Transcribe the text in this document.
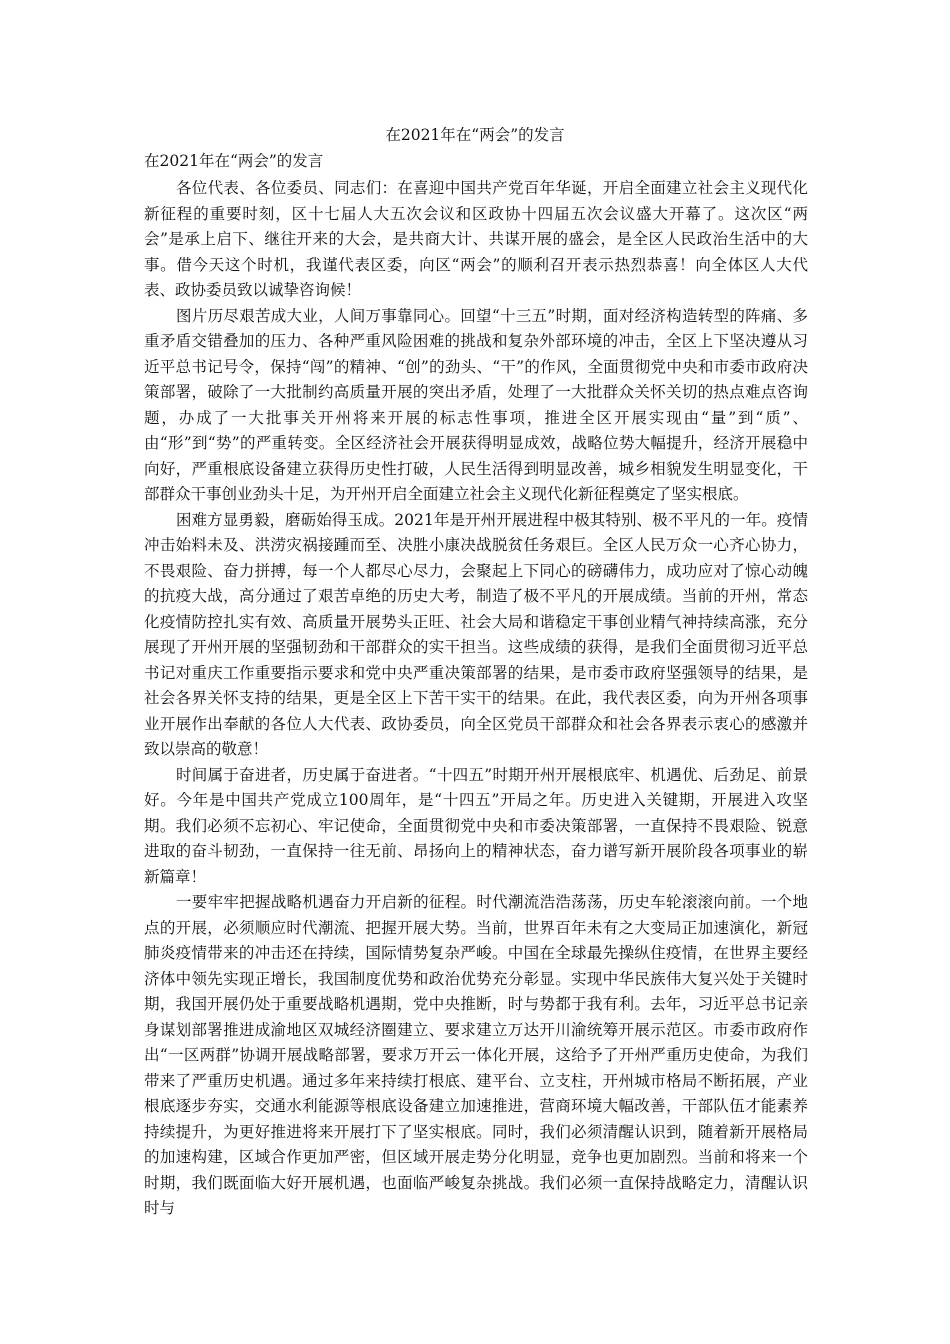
在2021年在“两会”的发言
在2021年在“两会”的发言

各位代表、各位委员、同志们：在喜迎中国共产党百年华诞，开启全面建立社会主义现代化新征程的重要时刻，区十七届人大五次会议和区政协十四届五次会议盛大开幕了。这次区“两会”是承上启下、继往开来的大会，是共商大计、共谋开展的盛会，是全区人民政治生活中的大事。借今天这个时机，我谨代表区委，向区“两会”的顺利召开表示热烈恭喜！向全体区人大代表、政协委员致以诚挚咨询候！

图片历尽艰苦成大业，人间万事靠同心。回望“十三五”时期，面对经济构造转型的阵痛、多重矛盾交错叠加的压力、各种严重风险困难的挑战和复杂外部环境的冲击，全区上下坚决遵从习近平总书记号令，保持“闯”的精神、“创”的劲头、“干”的作风，全面贯彻党中央和市委市政府决策部署，破除了一大批制约高质量开展的突出矛盾，处理了一大批群众关怀关切的热点难点咨询题，办成了一大批事关开州将来开展的标志性事项，推进全区开展实现由“量”到“质”、由“形”到“势”的严重转变。全区经济社会开展获得明显成效，战略位势大幅提升，经济开展稳中向好，严重根底设备建立获得历史性打破，人民生活得到明显改善，城乡相貌发生明显变化，干部群众干事创业劲头十足，为开州开启全面建立社会主义现代化新征程奠定了坚实根底。

困难方显勇毅，磨砺始得玉成。2021年是开州开展进程中极其特别、极不平凡的一年。疫情冲击始料未及、洪涝灾祸接踵而至、决胜小康决战脱贫任务艰巨。全区人民万众一心齐心协力，不畏艰险、奋力拼搏，每一个人都尽心尽力，会聚起上下同心的磅礴伟力，成功应对了惊心动魄的抗疫大战，高分通过了艰苦卓绝的历史大考，制造了极不平凡的开展成绩。当前的开州，常态化疫情防控扎实有效、高质量开展势头正旺、社会大局和谐稳定干事创业精气神持续高涨，充分展现了开州开展的坚强韧劲和干部群众的实干担当。这些成绩的获得，是我们全面贯彻习近平总书记对重庆工作重要指示要求和党中央严重决策部署的结果，是市委市政府坚强领导的结果，是社会各界关怀支持的结果，更是全区上下苦干实干的结果。在此，我代表区委，向为开州各项事业开展作出奉献的各位人大代表、政协委员，向全区党员干部群众和社会各界表示衷心的感激并致以崇高的敬意！

时间属于奋进者，历史属于奋进者。“十四五”时期开州开展根底牢、机遇优、后劲足、前景好。今年是中国共产党成立100周年，是“十四五”开局之年。历史进入关键期，开展进入攻坚期。我们必须不忘初心、牢记使命，全面贯彻党中央和市委决策部署，一直保持不畏艰险、锐意进取的奋斗韧劲，一直保持一往无前、昂扬向上的精神状态，奋力谱写新开展阶段各项事业的崭新篇章！

一要牢牢把握战略机遇奋力开启新的征程。时代潮流浩浩荡荡，历史车轮滚滚向前。一个地点的开展，必须顺应时代潮流、把握开展大势。当前，世界百年未有之大变局正加速演化，新冠肺炎疫情带来的冲击还在持续，国际情势复杂严峻。中国在全球最先操纵住疫情，在世界主要经济体中领先实现正增长，我国制度优势和政治优势充分彰显。实现中华民族伟大复兴处于关键时期，我国开展仍处于重要战略机遇期，党中央推断，时与势都于我有利。去年，习近平总书记亲身谋划部署推进成渝地区双城经济圈建立、要求建立万达开川渝统筹开展示范区。市委市政府作出“一区两群”协调开展战略部署，要求万开云一体化开展，这给予了开州严重历史使命，为我们带来了严重历史机遇。通过多年来持续打根底、建平台、立支柱，开州城市格局不断拓展，产业根底逐步夯实，交通水利能源等根底设备建立加速推进，营商环境大幅改善，干部队伍才能素养持续提升，为更好推进将来开展打下了坚实根底。同时，我们必须清醒认识到，随着新开展格局的加速构建，区域合作更加严密，但区域开展走势分化明显，竞争也更加剧烈。当前和将来一个时期，我们既面临大好开展机遇，也面临严峻复杂挑战。我们必须一直保持战略定力，清醒认识时与
